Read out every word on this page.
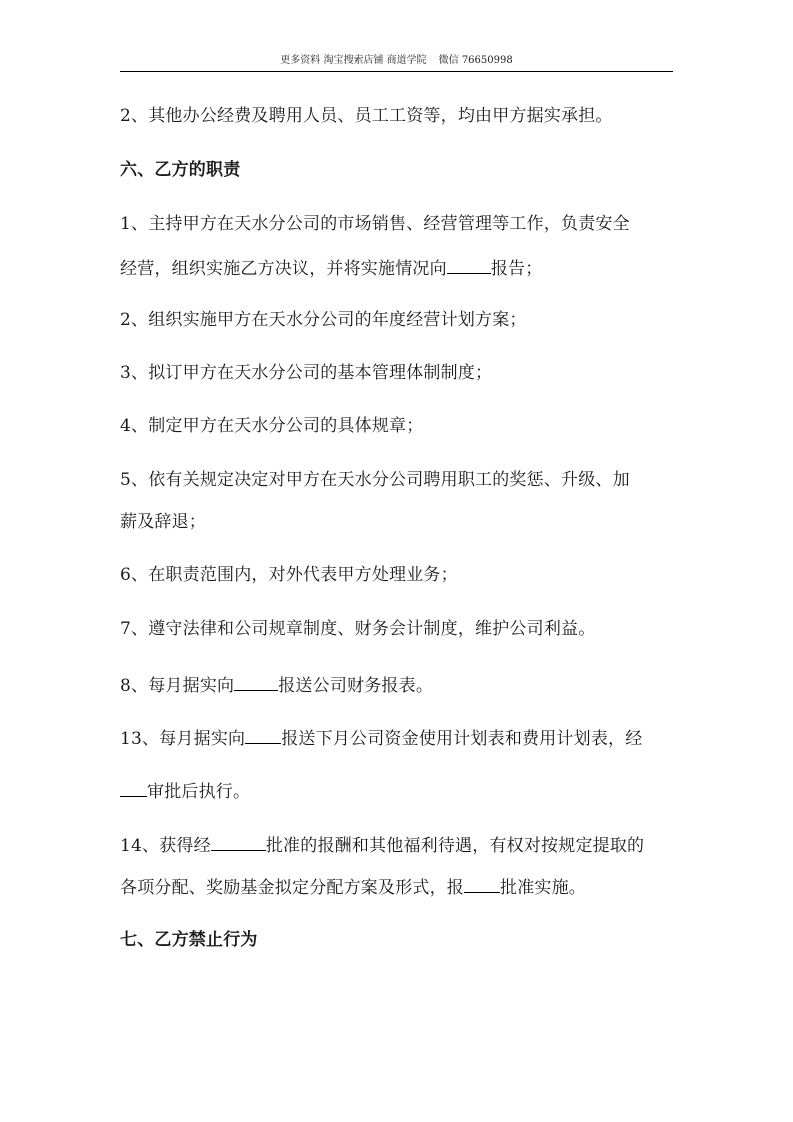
更多资料 淘宝搜索店铺 商道学院 微信 76650998
2、其他办公经费及聘用人员、员工工资等，均由甲方据实承担。
六、乙方的职责
1、主持甲方在天水分公司的市场销售、经营管理等工作，负责安全
经营，组织实施乙方决议，并将实施情况向	报告；
2、组织实施甲方在天水分公司的年度经营计划方案；
3、拟订甲方在天水分公司的基本管理体制制度；
4、制定甲方在天水分公司的具体规章；
5、依有关规定决定对甲方在天水分公司聘用职工的奖惩、升级、加
薪及辞退；
6、在职责范围内，对外代表甲方处理业务；
7、遵守法律和公司规章制度、财务会计制度，维护公司利益。
8、每月据实向	报送公司财务报表。
13、每月据实向 报送下月公司资金使用计划表和费用计划表，经
审批后执行。
14、获得经	批准的报酬和其他福利待遇，有权对按规定提取的
各项分配、奖励基金拟定分配方案及形式，报 批准实施。
七、乙方禁止行为
